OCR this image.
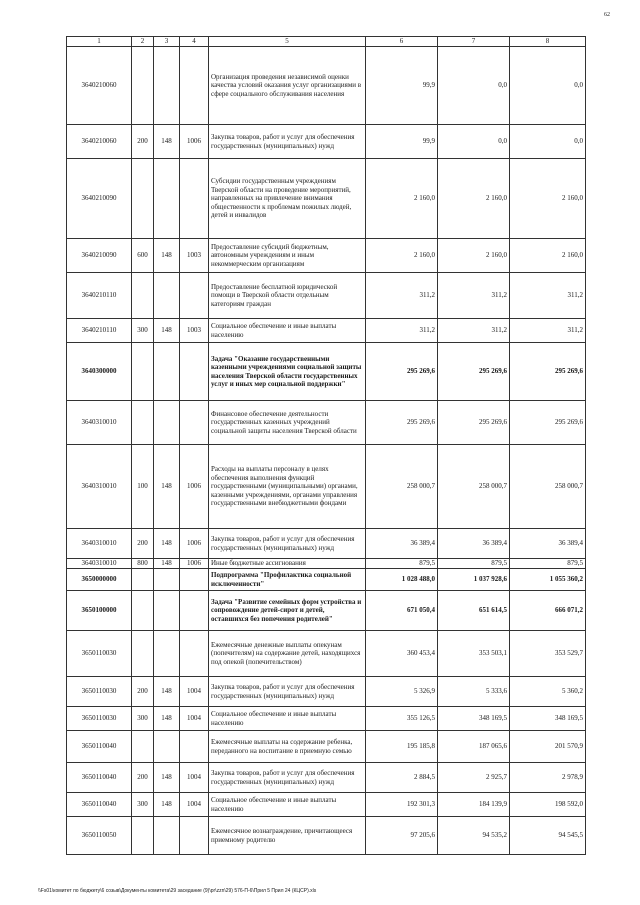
62
1	2	3	4	5	6	7	8
3640210060				Организация проведения независимой оценки качества условий оказания услуг организациями в сфере социального обслуживания населения	99,9	0,0	0,0
3640210060	200	148	1006	Закупка товаров, работ и услуг для обеспечения государственных (муниципальных) нужд	99,9	0,0	0,0
3640210090				Субсидии государственным учреждениям Тверской области на проведение мероприятий, направленных на привлечение внимания общественности к проблемам пожилых людей, детей и инвалидов	2 160,0	2 160,0	2 160,0
3640210090	600	148	1003	Предоставление субсидий бюджетным, автономным учреждениям и иным некоммерческим организациям	2 160,0	2 160,0	2 160,0
3640210110				Предоставление бесплатной юридической помощи в Тверской области отдельным категориям граждан	311,2	311,2	311,2
3640210110	300	148	1003	Социальное обеспечение и иные выплаты населению	311,2	311,2	311,2
3640300000				Задача "Оказание государственными казенными учреждениями социальной защиты населения Тверской области государственных услуг и иных мер социальной поддержки"	295 269,6	295 269,6	295 269,6
3640310010				Финансовое обеспечение деятельности государственных казенных учреждений социальной защиты населения Тверской области	295 269,6	295 269,6	295 269,6
3640310010	100	148	1006	Расходы на выплаты персоналу в целях обеспечения выполнения функций государственными (муниципальными) органами, казенными учреждениями, органами управления государственными внебюджетными фондами	258 000,7	258 000,7	258 000,7
3640310010	200	148	1006	Закупка товаров, работ и услуг для обеспечения государственных (муниципальных) нужд	36 389,4	36 389,4	36 389,4
3640310010	800	148	1006	Иные бюджетные ассигнования	879,5	879,5	879,5
3650000000				Подпрограмма "Профилактика социальной исключенности"	1 028 488,0	1 037 928,6	1 055 360,2
3650100000				Задача "Развитие семейных форм устройства и сопровождение детей-сирот и детей, оставшихся без попечения родителей"	671 050,4	651 614,5	666 071,2
3650110030				Ежемесячные денежные выплаты опекунам (попечителям) на содержание детей, находящихся под опекой (попечительством)	360 453,4	353 503,1	353 529,7
3650110030	200	148	1004	Закупка товаров, работ и услуг для обеспечения государственных (муниципальных) нужд	5 326,9	5 333,6	5 360,2
3650110030	300	148	1004	Социальное обеспечение и иные выплаты населению	355 126,5	348 169,5	348 169,5
3650110040				Ежемесячные выплаты на содержание ребенка, переданного на воспитание в приемную семью	195 185,8	187 065,6	201 570,9
3650110040	200	148	1004	Закупка товаров, работ и услуг для обеспечения государственных (муниципальных) нужд	2 884,5	2 925,7	2 978,9
3650110040	300	148	1004	Социальное обеспечение и иные выплаты населению	192 301,3	184 139,9	198 592,0
3650110050				Ежемесячное вознаграждение, причитающееся приемному родителю	97 205,6	94 535,2	94 545,5
\\Fs01\комитет по бюджету\6 созыв\Документы комитета\29 заседание (9)\pr\zzn\29) 576-П-6\Прил 5 Прил 24 (КЦСР).xls
